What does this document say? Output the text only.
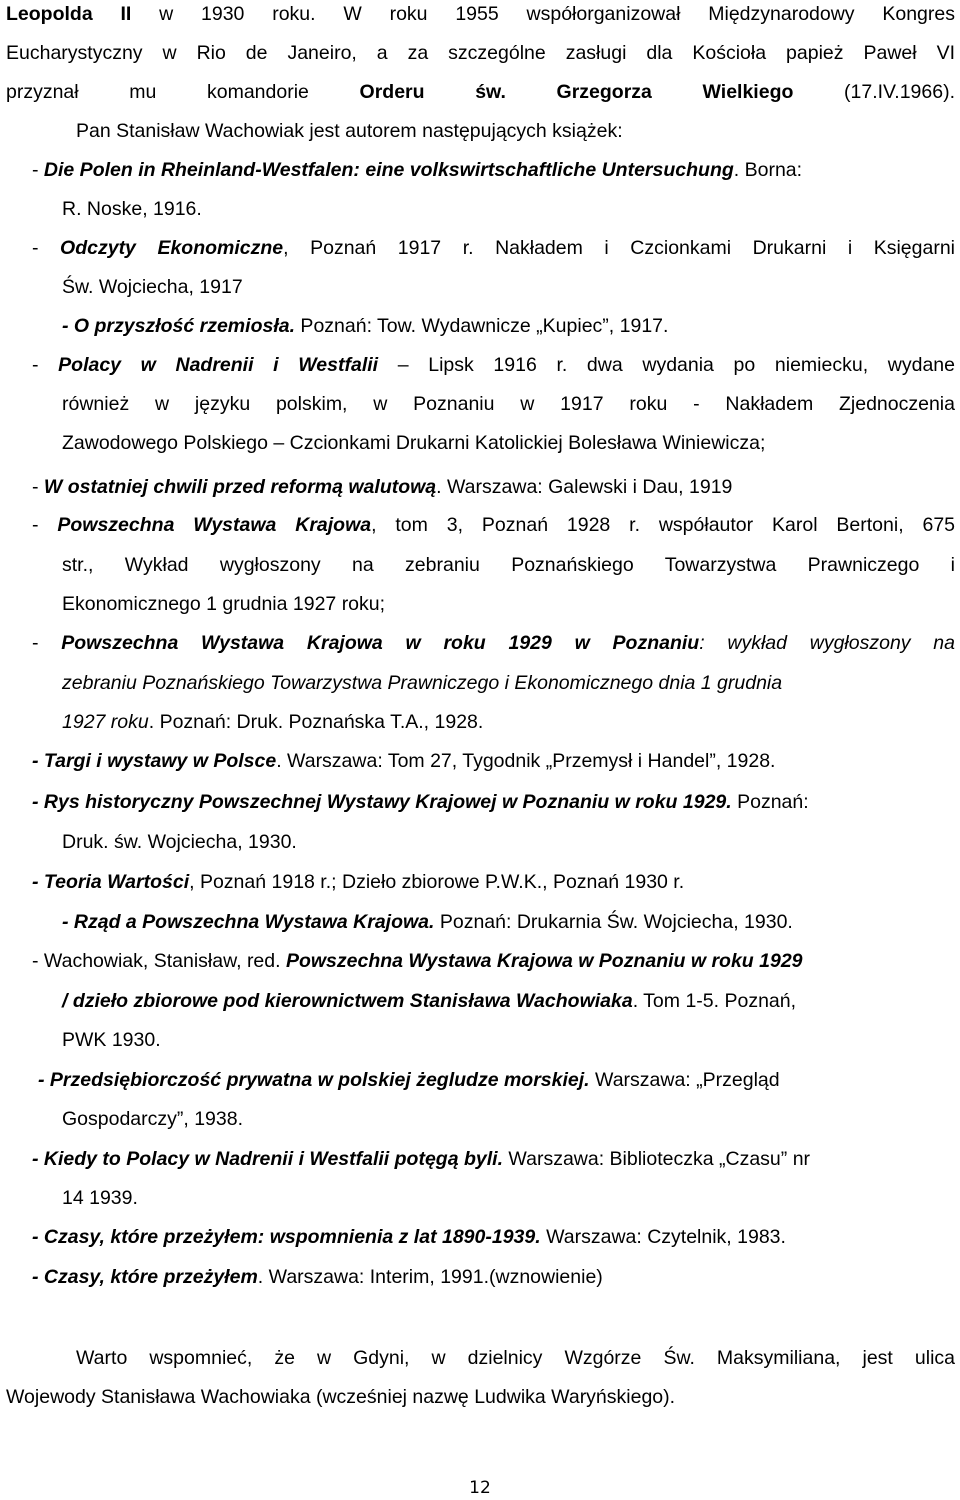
Leopolda II w 1930 roku. W roku 1955 współorganizował Międzynarodowy Kongres
Eucharystyczny w Rio de Janeiro, a za szczególne zasługi dla Kościoła papież Paweł VI
przyznał mu komandorie Orderu św. Grzegorza Wielkiego (17.IV.1966).
Pan Stanisław Wachowiak jest autorem następujących książek:
- Die Polen in Rheinland-Westfalen: eine volkswirtschaftliche Untersuchung. Borna:
R. Noske, 1916.
- Odczyty Ekonomiczne, Poznań 1917 r. Nakładem i Czcionkami Drukarni i Księgarni
Św. Wojciecha, 1917
- O przyszłość rzemiosła. Poznań: Tow. Wydawnicze „Kupiec”, 1917.
- Polacy w Nadrenii i Westfalii – Lipsk 1916 r. dwa wydania po niemiecku, wydane
również w języku polskim, w Poznaniu w 1917 roku - Nakładem Zjednoczenia
Zawodowego Polskiego – Czcionkami Drukarni Katolickiej Bolesława Winiewicza;
- W ostatniej chwili przed reformą walutową. Warszawa: Galewski i Dau, 1919
- Powszechna Wystawa Krajowa, tom 3, Poznań 1928 r. współautor Karol Bertoni, 675
str., Wykład wygłoszony na zebraniu Poznańskiego Towarzystwa Prawniczego i
Ekonomicznego 1 grudnia 1927 roku;
- Powszechna Wystawa Krajowa w roku 1929 w Poznaniu: wykład wygłoszony na
zebraniu Poznańskiego Towarzystwa Prawniczego i Ekonomicznego dnia 1 grudnia
1927 roku. Poznań: Druk. Poznańska T.A., 1928.
- Targi i wystawy w Polsce. Warszawa: Tom 27, Tygodnik „Przemysł i Handel”, 1928.
- Rys historyczny Powszechnej Wystawy Krajowej w Poznaniu w roku 1929. Poznań:
Druk. św. Wojciecha, 1930.
- Teoria Wartości, Poznań 1918 r.; Dzieło zbiorowe P.W.K., Poznań 1930 r.
- Rząd a Powszechna Wystawa Krajowa. Poznań: Drukarnia Św. Wojciecha, 1930.
- Wachowiak, Stanisław, red. Powszechna Wystawa Krajowa w Poznaniu w roku 1929
/ dzieło zbiorowe pod kierownictwem Stanisława Wachowiaka. Tom 1-5. Poznań,
PWK 1930.
- Przedsiębiorczość prywatna w polskiej żegludze morskiej. Warszawa: „Przegląd
Gospodarczy”, 1938.
- Kiedy to Polacy w Nadrenii i Westfalii potęgą byli. Warszawa: Biblioteczka „Czasu” nr
14 1939.
- Czasy, które przeżyłem: wspomnienia z lat 1890-1939. Warszawa: Czytelnik, 1983.
- Czasy, które przeżyłem. Warszawa: Interim, 1991.(wznowienie)
Warto wspomnieć, że w Gdyni, w dzielnicy Wzgórze Św. Maksymiliana, jest ulica
Wojewody Stanisława Wachowiaka (wcześniej nazwę Ludwika Waryńskiego).
12
